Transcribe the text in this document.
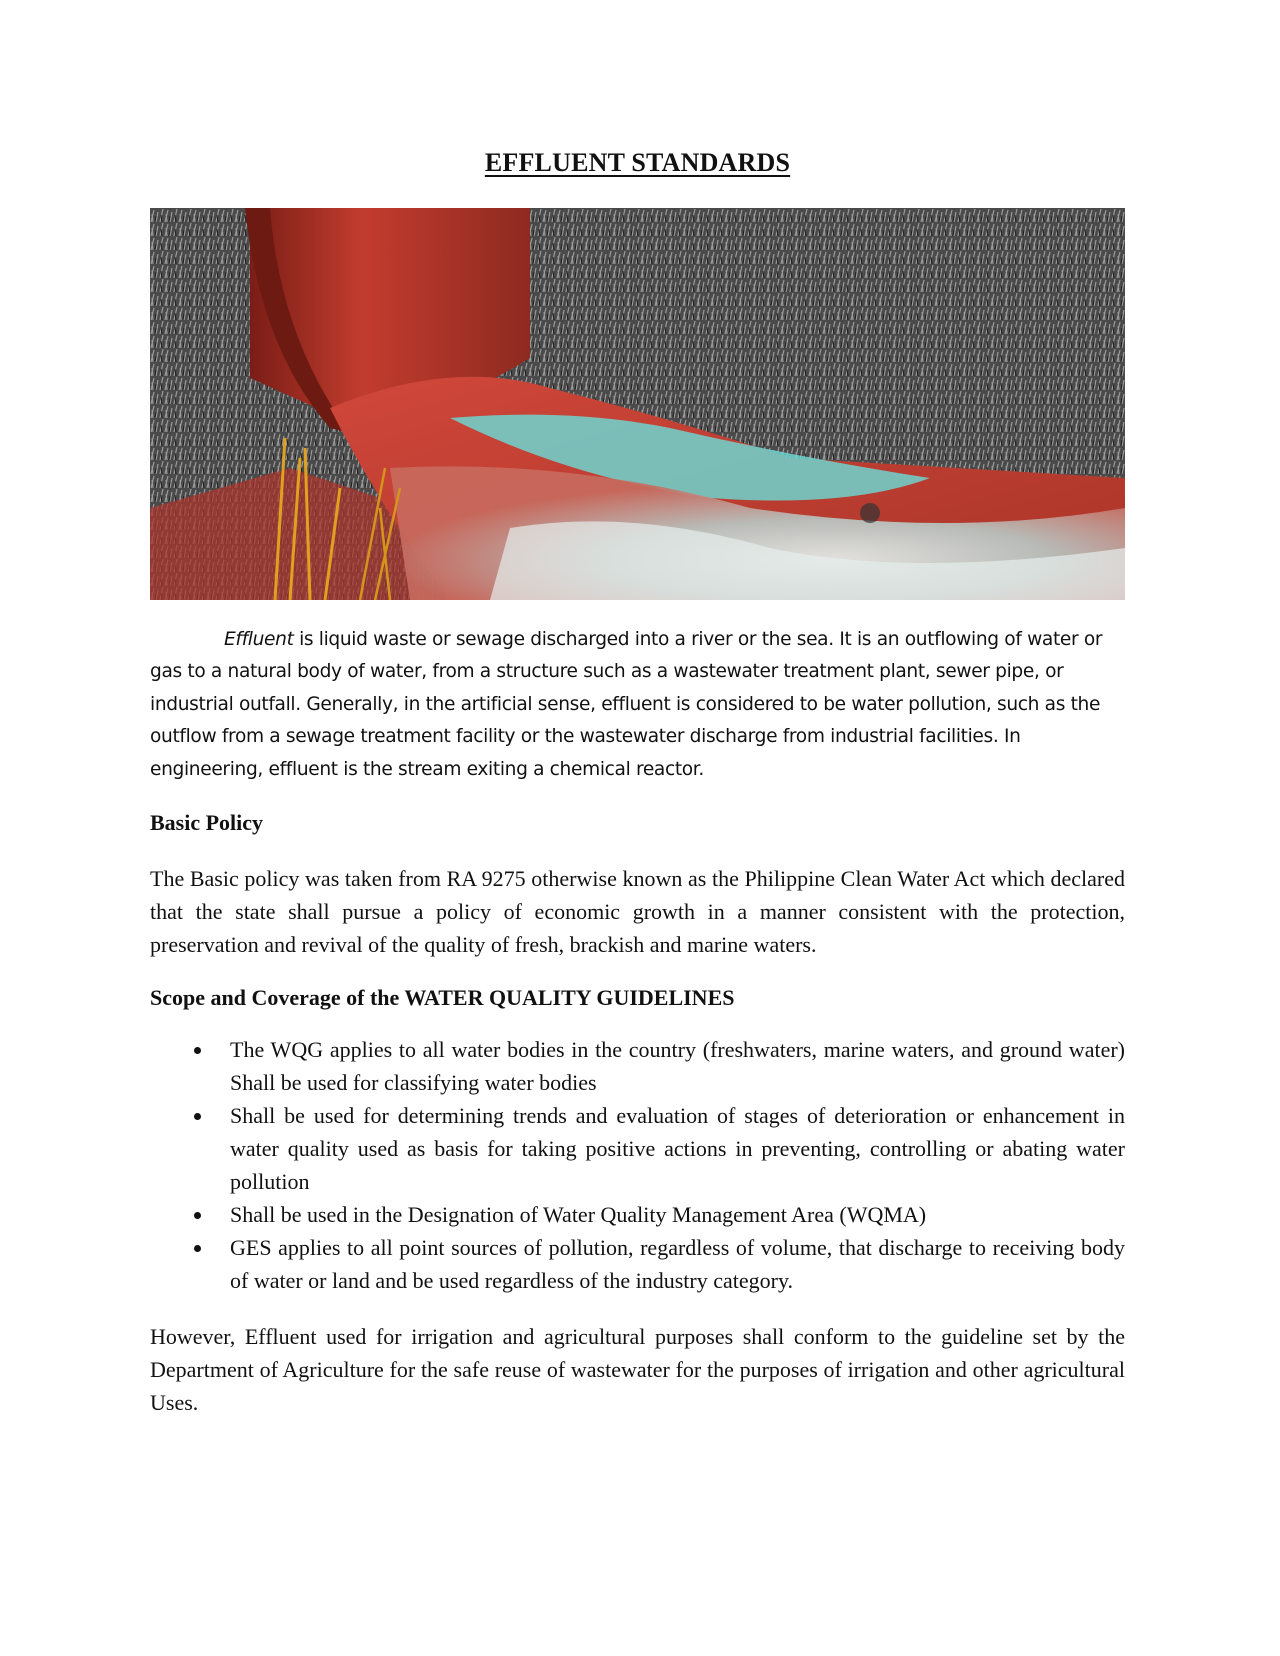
EFFLUENT STANDARDS

Effluent is liquid waste or sewage discharged into a river or the sea. It is an outflowing of water or gas to a natural body of water, from a structure such as a wastewater treatment plant, sewer pipe, or industrial outfall. Generally, in the artificial sense, effluent is considered to be water pollution, such as the outflow from a sewage treatment facility or the wastewater discharge from industrial facilities. In engineering, effluent is the stream exiting a chemical reactor.

Basic Policy

The Basic policy was taken from RA 9275 otherwise known as the Philippine Clean Water Act which declared that the state shall pursue a policy of economic growth in a manner consistent with the protection, preservation and revival of the quality of fresh, brackish and marine waters.

Scope and Coverage of the WATER QUALITY GUIDELINES
The WQG applies to all water bodies in the country (freshwaters, marine waters, and ground water) Shall be used for classifying water bodies
Shall be used for determining trends and evaluation of stages of deterioration or enhancement in water quality used as basis for taking positive actions in preventing, controlling or abating water pollution
Shall be used in the Designation of Water Quality Management Area (WQMA)
GES applies to all point sources of pollution, regardless of volume, that discharge to receiving body of water or land and be used regardless of the industry category.

However, Effluent used for irrigation and agricultural purposes shall conform to the guideline set by the Department of Agriculture for the safe reuse of wastewater for the purposes of irrigation and other agricultural Uses.
